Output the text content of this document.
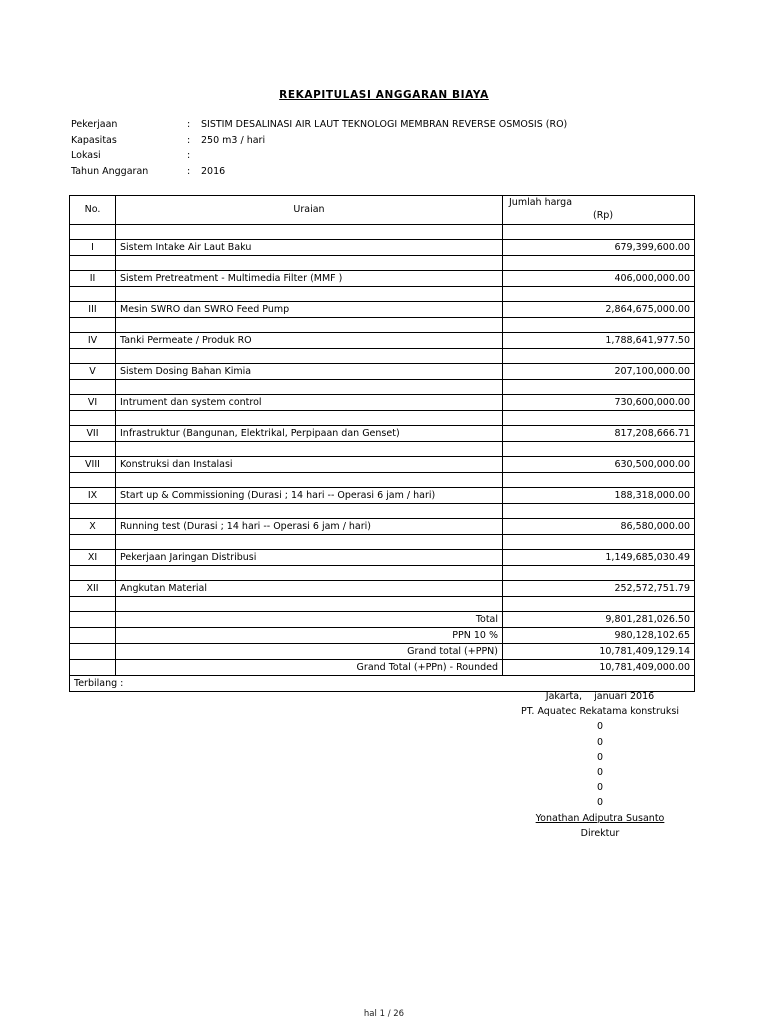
REKAPITULASI ANGGARAN BIAYA
Pekerjaan	: SISTIM DESALINASI AIR LAUT TEKNOLOGI MEMBRAN REVERSE OSMOSIS (RO)
Kapasitas	: 250 m3 / hari
Lokasi	:
Tahun Anggaran	: 2016
No.	Uraian	Jumlah harga
(Rp)

I	Sistem Intake Air Laut Baku	679,399,600.00

II	Sistem Pretreatment - Multimedia Filter (MMF )	406,000,000.00

III	Mesin SWRO dan SWRO Feed Pump	2,864,675,000.00

IV	Tanki Permeate / Produk RO	1,788,641,977.50

V	Sistem Dosing Bahan Kimia	207,100,000.00

VI	Intrument dan system control	730,600,000.00

VII	Infrastruktur (Bangunan, Elektrikal, Perpipaan dan Genset)	817,208,666.71

VIII	Konstruksi dan Instalasi	630,500,000.00

IX	Start up & Commissioning (Durasi ; 14 hari -- Operasi 6 jam / hari)	188,318,000.00

X	Running test (Durasi ; 14 hari -- Operasi 6 jam / hari)	86,580,000.00

XI	Pekerjaan Jaringan Distribusi	1,149,685,030.49

XII	Angkutan Material	252,572,751.79

	Total	9,801,281,026.50
	PPN 10 %	980,128,102.65
	Grand total (+PPN)	10,781,409,129.14
	Grand Total (+PPn) - Rounded	10,781,409,000.00
Terbilang :		
Jakarta,    januari 2016
PT. Aquatec Rekatama konstruksi
0
0
0
0
0
0
Yonathan Adiputra Susanto
Direktur
hal 1 / 26
